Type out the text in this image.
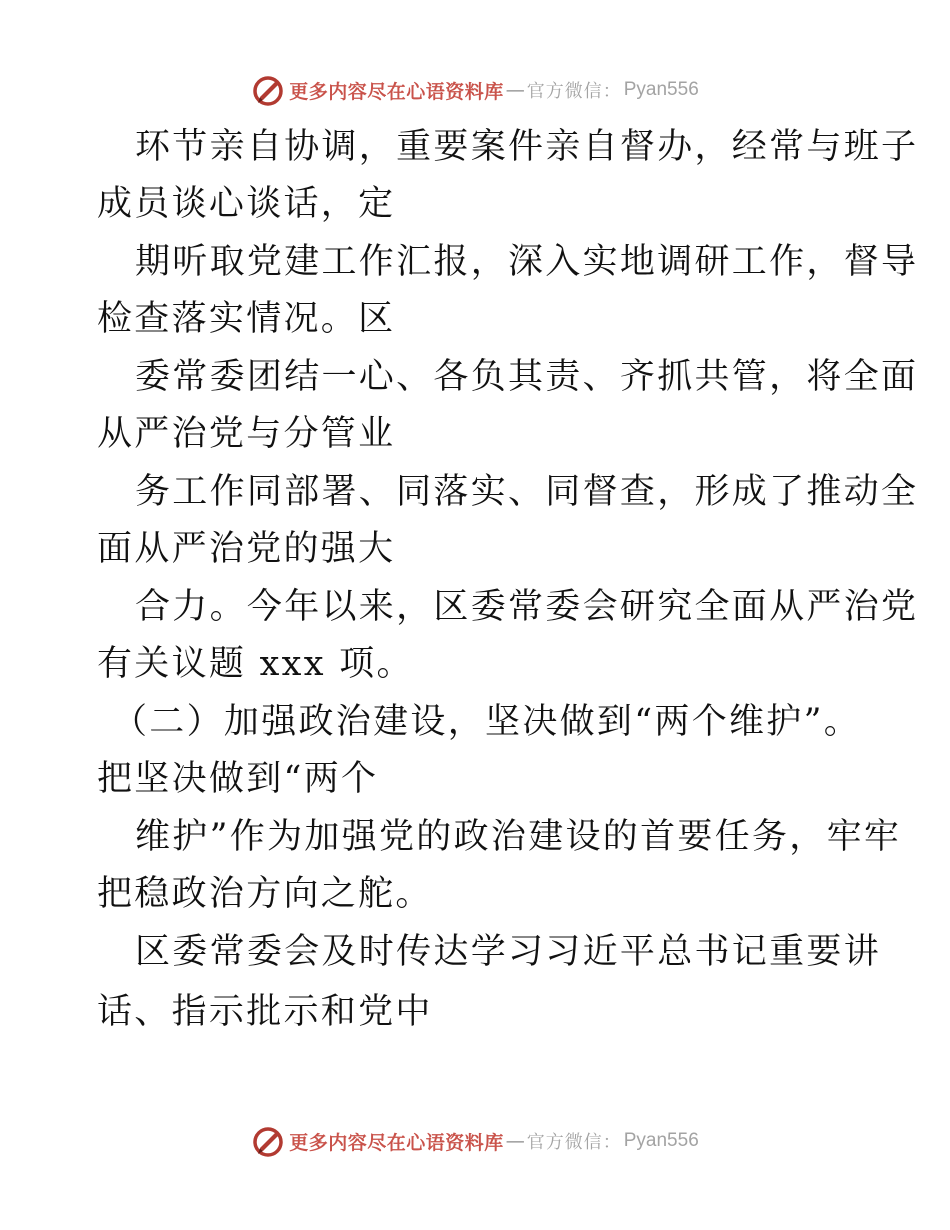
更多内容尽在心语资料库 — 官方微信： Pyan556
环节亲自协调，重要案件亲自督办，经常与班子
成员谈心谈话，定
期听取党建工作汇报，深入实地调研工作，督导
检查落实情况。区
委常委团结一心、各负其责、齐抓共管，将全面
从严治党与分管业
务工作同部署、同落实、同督查，形成了推动全
面从严治党的强大
合力。今年以来，区委常委会研究全面从严治党
有关议题 xxx 项。
（二）加强政治建设，坚决做到“两个维护”。
把坚决做到“两个
维护”作为加强党的政治建设的首要任务，牢牢
把稳政治方向之舵。
区委常委会及时传达学习习近平总书记重要讲
话、指示批示和党中
更多内容尽在心语资料库 — 官方微信： Pyan556
